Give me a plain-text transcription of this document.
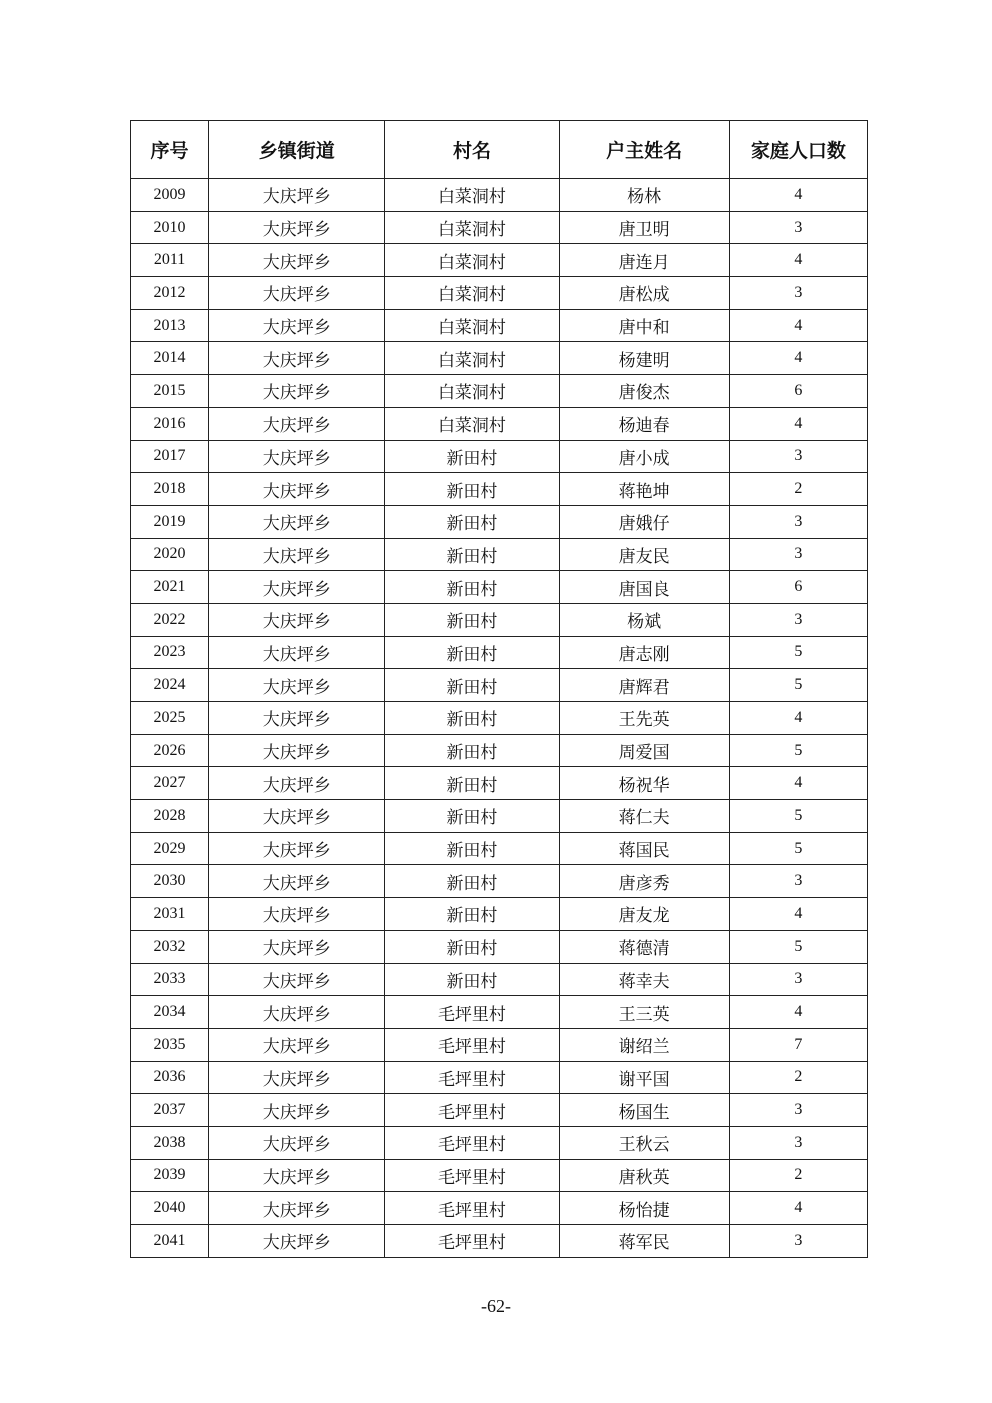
序号	乡镇街道	村名	户主姓名	家庭人口数
2009	大庆坪乡	白菜洞村	杨林	4
2010	大庆坪乡	白菜洞村	唐卫明	3
2011	大庆坪乡	白菜洞村	唐连月	4
2012	大庆坪乡	白菜洞村	唐松成	3
2013	大庆坪乡	白菜洞村	唐中和	4
2014	大庆坪乡	白菜洞村	杨建明	4
2015	大庆坪乡	白菜洞村	唐俊杰	6
2016	大庆坪乡	白菜洞村	杨迪春	4
2017	大庆坪乡	新田村	唐小成	3
2018	大庆坪乡	新田村	蒋艳坤	2
2019	大庆坪乡	新田村	唐娥仔	3
2020	大庆坪乡	新田村	唐友民	3
2021	大庆坪乡	新田村	唐国良	6
2022	大庆坪乡	新田村	杨斌	3
2023	大庆坪乡	新田村	唐志刚	5
2024	大庆坪乡	新田村	唐辉君	5
2025	大庆坪乡	新田村	王先英	4
2026	大庆坪乡	新田村	周爱国	5
2027	大庆坪乡	新田村	杨祝华	4
2028	大庆坪乡	新田村	蒋仁夫	5
2029	大庆坪乡	新田村	蒋国民	5
2030	大庆坪乡	新田村	唐彦秀	3
2031	大庆坪乡	新田村	唐友龙	4
2032	大庆坪乡	新田村	蒋德清	5
2033	大庆坪乡	新田村	蒋幸夫	3
2034	大庆坪乡	毛坪里村	王三英	4
2035	大庆坪乡	毛坪里村	谢绍兰	7
2036	大庆坪乡	毛坪里村	谢平国	2
2037	大庆坪乡	毛坪里村	杨国生	3
2038	大庆坪乡	毛坪里村	王秋云	3
2039	大庆坪乡	毛坪里村	唐秋英	2
2040	大庆坪乡	毛坪里村	杨怡捷	4
2041	大庆坪乡	毛坪里村	蒋军民	3
-62-
